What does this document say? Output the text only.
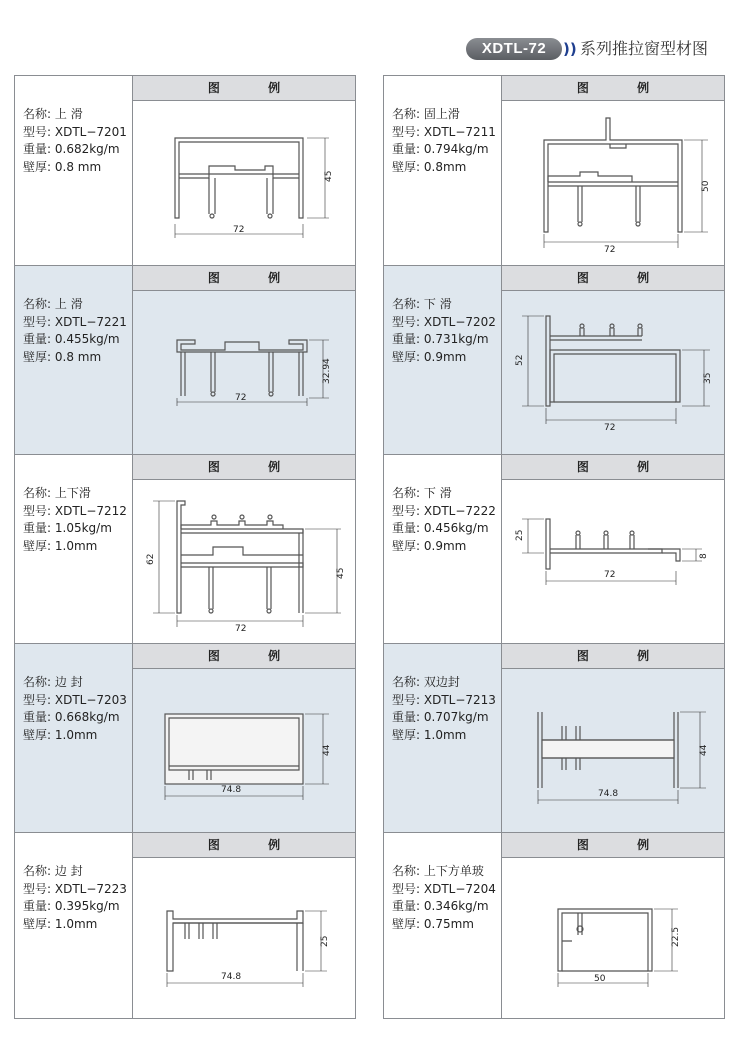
XDTL-72	)) 系列推拉窗型材图
名称: 上 滑
型号: XDTL−7201
重量: 0.682kg/m
壁厚: 0.8 mm
图 例
72
45
名称: 上 滑
型号: XDTL−7221
重量: 0.455kg/m
壁厚: 0.8 mm
图 例
72
32.94
名称: 上下滑
型号: XDTL−7212
重量: 1.05kg/m
壁厚: 1.0mm
图 例
72
62
45
名称: 边 封
型号: XDTL−7203
重量: 0.668kg/m
壁厚: 1.0mm
图 例
74.8
44
名称: 边 封
型号: XDTL−7223
重量: 0.395kg/m
壁厚: 1.0mm
图 例
74.8
25
名称: 固上滑
型号: XDTL−7211
重量: 0.794kg/m
壁厚: 0.8mm
图 例
72
50
名称: 下 滑
型号: XDTL−7202
重量: 0.731kg/m
壁厚: 0.9mm
图 例
72
52
35
名称: 下 滑
型号: XDTL−7222
重量: 0.456kg/m
壁厚: 0.9mm
图 例
72
25
8
名称: 双边封
型号: XDTL−7213
重量: 0.707kg/m
壁厚: 1.0mm
图 例
74.8
44
名称: 上下方单玻
型号: XDTL−7204
重量: 0.346kg/m
壁厚: 0.75mm
图 例
50
22.5
